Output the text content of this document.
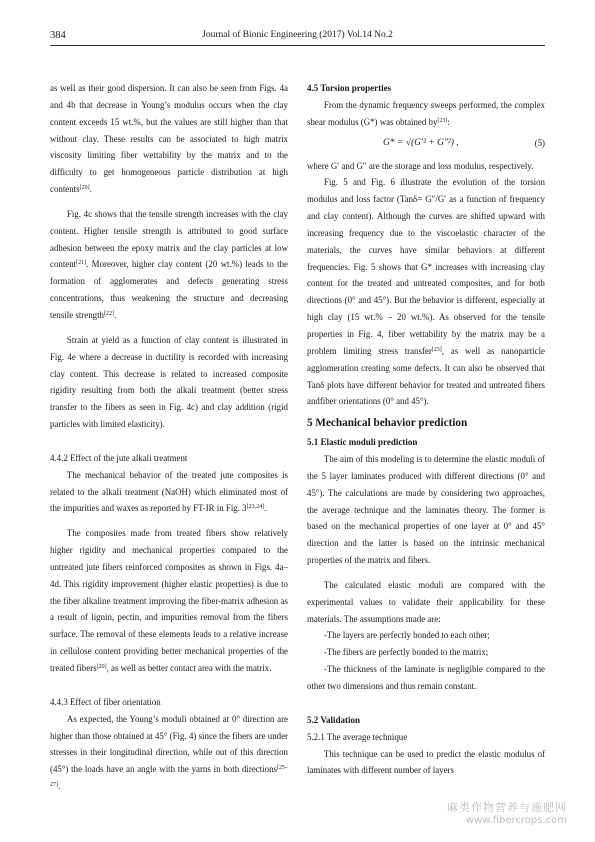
384	Journal of Bionic Engineering (2017) Vol.14 No.2

as well as their good dispersion. It can also be seen from Figs. 4a and 4b that decrease in Young’s modulus occurs when the clay content exceeds 15 wt.%, but the values are still higher than that without clay. These results can be associated to high matrix viscosity limiting fiber wettability by the matrix and to the difficulty to get homogeneous particle distribution at high contents[20].

Fig. 4c shows that the tensile strength increases with the clay content. Higher tensile strength is attributed to good surface adhesion between the epoxy matrix and the clay particles at low content[21]. Moreover, higher clay content (20 wt.%) leads to the formation of agglomerates and defects generating stress concentrations, thus weakening the structure and decreasing tensile strength[22].

Strain at yield as a function of clay content is illustrated in Fig. 4e where a decrease in ductility is recorded with increasing clay content. This decrease is related to increased composite rigidity resulting from both the alkali treatment (better stress transfer to the fibers as seen in Fig. 4c) and clay addition (rigid particles with limited elasticity).

4.4.2 Effect of the jute alkali treatment

The mechanical behavior of the treated jute composites is related to the alkali treatment (NaOH) which eliminated most of the impurities and waxes as reported by FT-IR in Fig. 3[23,24].

The composites made from treated fibers show relatively higher rigidity and mechanical properties compared to the untreated jute fibers reinforced composites as shown in Figs. 4a–4d. This rigidity improvement (higher elastic properties) is due to the fiber alkaline treatment improving the fiber-matrix adhesion as a result of lignin, pectin, and impurities removal from the fibers surface. The removal of these elements leads to a relative increase in cellulose content providing better mechanical properties of the treated fibers[20], as well as better contact area with the matrix.

4.4.3 Effect of fiber orientation

As expected, the Young’s moduli obtained at 0° direction are higher than those obtained at 45° (Fig. 4) since the fibers are under stresses in their longitudinal direction, while out of this direction (45°) the loads have an angle with the yarns in both directions[25–27].

4.5 Torsion properties

From the dynamic frequency sweeps performed, the complex shear modulus (G*) was obtained by[23]:

G* = √(G′² + G″²) ,	(5)

where G′ and G″ are the storage and loss modulus, respectively.

Fig. 5 and Fig. 6 illustrate the evolution of the torsion modulus and loss factor (Tanδ= G″/G′ as a function of frequency and clay content). Although the curves are shifted upward with increasing frequency due to the viscoelastic character of the materials, the curves have similar behaviors at different frequencies. Fig. 5 shows that G* increases with increasing clay content for the treated and untreated composites, and for both directions (0° and 45°). But the behavior is different, especially at high clay (15 wt.% – 20 wt.%). As observed for the tensile properties in Fig. 4, fiber wettability by the matrix may be a problem limiting stress transfer[23], as well as nanoparticle agglomeration creating some defects. It can also be observed that Tanδ plots have different behavior for treated and untreated fibers andfiber orientations (0° and 45°).

5 Mechanical behavior prediction
5.1 Elastic moduli prediction

The aim of this modeling is to determine the elastic moduli of the 5 layer laminates produced with different directions (0° and 45°). The calculations are made by considering two approaches, the average technique and the laminates theory. The former is based on the mechanical properties of one layer at 0° and 45° direction and the latter is based on the intrinsic mechanical properties of the matrix and fibers.

The calculated elastic moduli are compared with the experimental values to validate their applicability for these materials. The assumptions made are:

-The layers are perfectly bonded to each other;

-The fibers are perfectly bonded to the matrix;

-The thickness of the laminate is negligible compared to the other two dimensions and thus remain constant.

5.2 Validation
5.2.1 The average technique

This technique can be used to predict the elastic modulus of laminates with different number of layers

麻类作物营养与施肥网
www.fibercrops.com
